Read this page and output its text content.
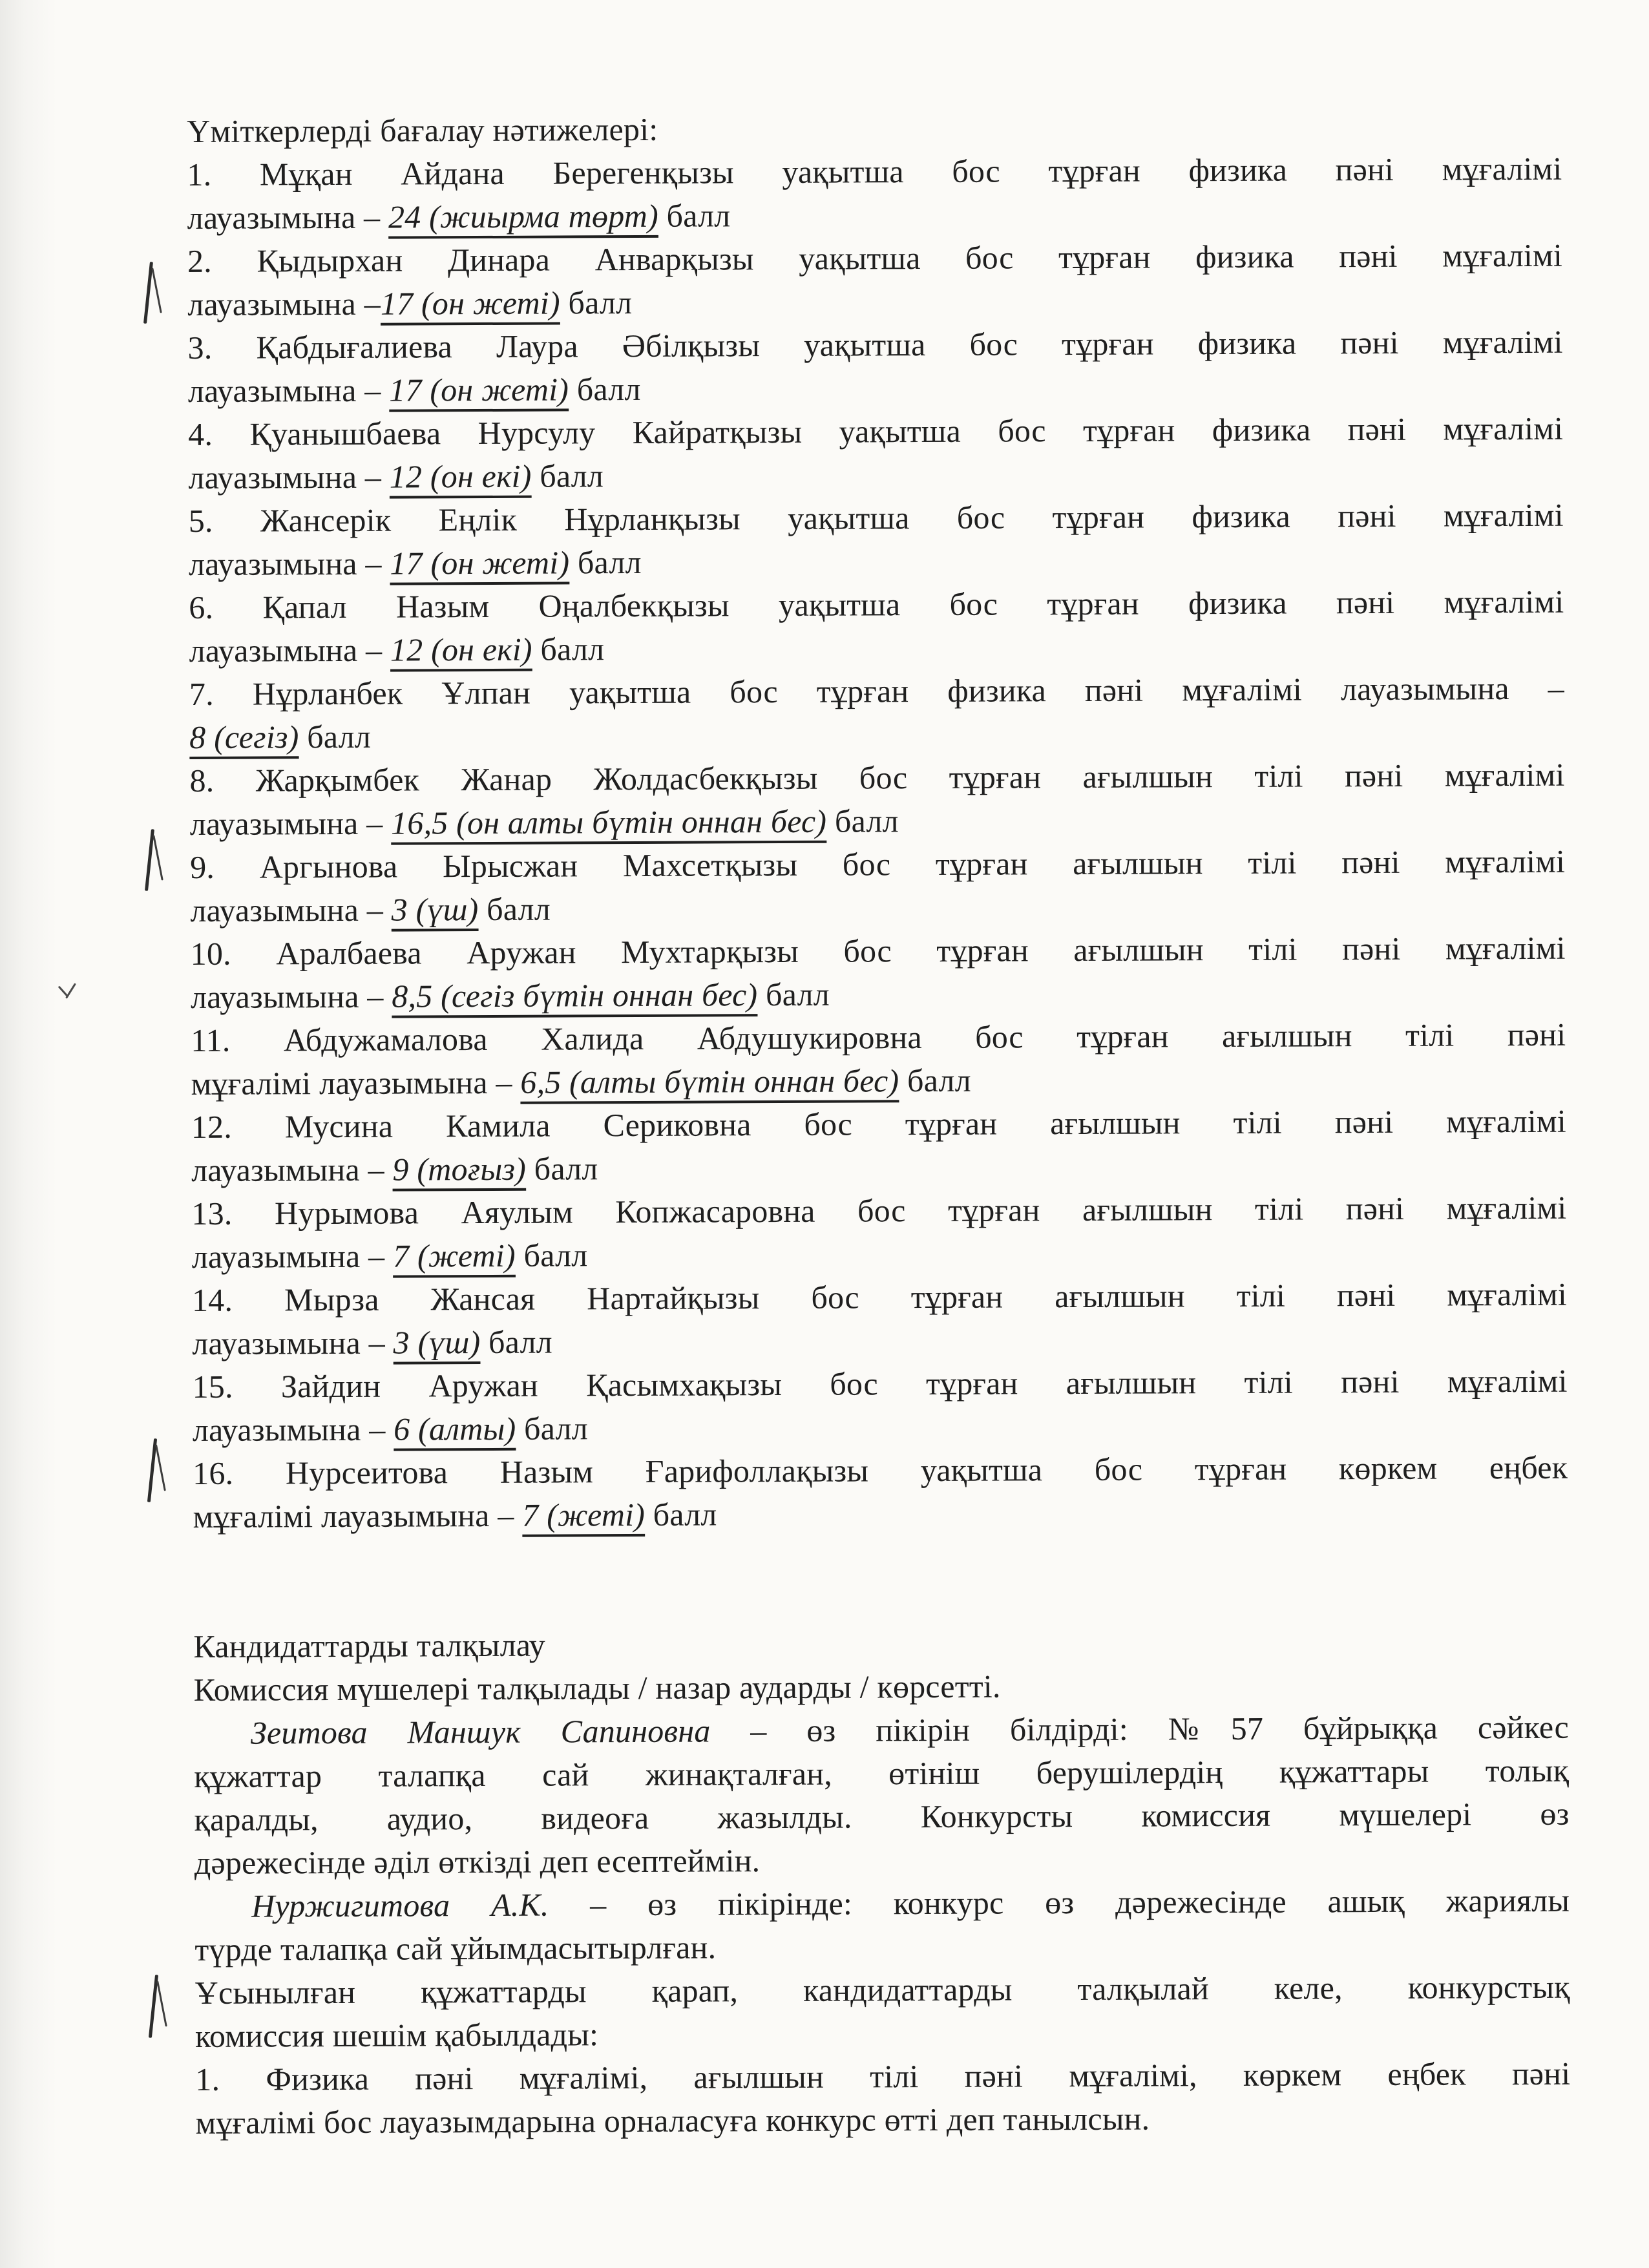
Үміткерлерді бағалау нәтижелері:
1. Мұқан Айдана Берегенқызы уақытша бос тұрған физика пәні мұғалімі
лауазымына – 24 (жиырма төрт) балл
2. Қыдырхан Динара Анварқызы уақытша бос тұрған физика пәні мұғалімі
лауазымына –17 (он жеті) балл
3. Қабдығалиева Лаура Әбілқызы уақытша бос тұрған физика пәні мұғалімі
лауазымына – 17 (он жеті) балл
4. Қуанышбаева Нурсулу Кайратқызы уақытша бос тұрған физика пәні мұғалімі
лауазымына – 12 (он екі) балл
5. Жансерік Еңлік Нұрланқызы уақытша бос тұрған физика пәні мұғалімі
лауазымына – 17 (он жеті) балл
6. Қапал Назым Оңалбекқызы уақытша бос тұрған физика пәні мұғалімі
лауазымына – 12 (он екі) балл
7. Нұрланбек Ұлпан уақытша бос тұрған физика пәні мұғалімі лауазымына –
8 (сегіз) балл
8. Жарқымбек Жанар Жолдасбекқызы бос тұрған ағылшын тілі пәні мұғалімі
лауазымына – 16,5 (он алты бүтін оннан бес) балл
9. Аргынова Ырысжан Махсетқызы бос тұрған ағылшын тілі пәні мұғалімі
лауазымына – 3 (үш) балл
10. Аралбаева Аружан Мухтарқызы бос тұрған ағылшын тілі пәні мұғалімі
лауазымына – 8,5 (сегіз бүтін оннан бес) балл
11. Абдужамалова Халида Абдушукировна бос тұрған ағылшын тілі пәні
мұғалімі лауазымына – 6,5 (алты бүтін оннан бес) балл
12. Мусина Камила Сериковна бос тұрған ағылшын тілі пәні мұғалімі
лауазымына – 9 (тоғыз) балл
13. Нурымова Аяулым Копжасаровна бос тұрған ағылшын тілі пәні мұғалімі
лауазымына – 7 (жеті) балл
14. Мырза Жансая Нартайқызы бос тұрған ағылшын тілі пәні мұғалімі
лауазымына – 3 (үш) балл
15. Зайдин Аружан Қасымхақызы бос тұрған ағылшын тілі пәні мұғалімі
лауазымына – 6 (алты) балл
16. Нурсеитова Назым Ғарифоллақызы уақытша бос тұрған көркем еңбек
мұғалімі лауазымына – 7 (жеті) балл
Кандидаттарды талқылау
Комиссия мүшелері талқылады / назар аударды / көрсетті.
Зеитова Маншук Сапиновна – өз пікірін білдірді: №57 бұйрыққа сәйкес
құжаттар талапқа сай жинақталған, өтініш берушілердің құжаттары толық
қаралды, аудио, видеоға жазылды. Конкурсты комиссия мүшелері өз
дәрежесінде әділ өткізді деп есептеймін.
Нуржигитова А.К. – өз пікірінде: конкурс өз дәрежесінде ашық жариялы
түрде талапқа сай ұйымдасытырлған.
Ұсынылған құжаттарды қарап, кандидаттарды талқылай келе, конкурстық
комиссия шешім қабылдады:
1. Физика пәні мұғалімі, ағылшын тілі пәні мұғалімі, көркем еңбек пәні
мұғалімі бос лауазымдарына орналасуға конкурс өтті деп танылсын.
